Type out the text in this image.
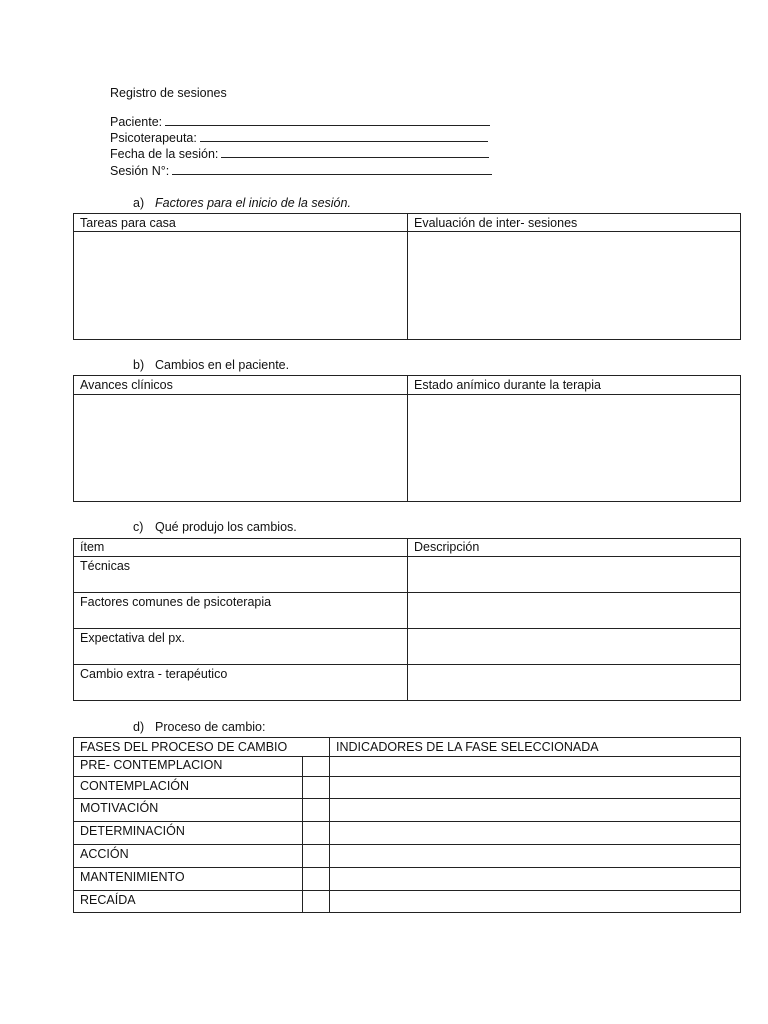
Registro de sesiones
Paciente:
Psicoterapeuta:
Fecha de la sesión:
Sesión N°:
a) Factores para el inicio de la sesión.
Tareas para casa	Evaluación de inter- sesiones
b) Cambios en el paciente.
Avances clínicos	Estado anímico durante la terapia
c) Qué produjo los cambios.
ítem	Descripción
Técnicas
Factores comunes de psicoterapia
Expectativa del px.
Cambio extra - terapéutico
d) Proceso de cambio:
FASES DEL PROCESO DE CAMBIO	INDICADORES DE LA FASE SELECCIONADA
PRE- CONTEMPLACION
CONTEMPLACIÓN
MOTIVACIÓN
DETERMINACIÓN
ACCIÓN
MANTENIMIENTO
RECAÍDA
